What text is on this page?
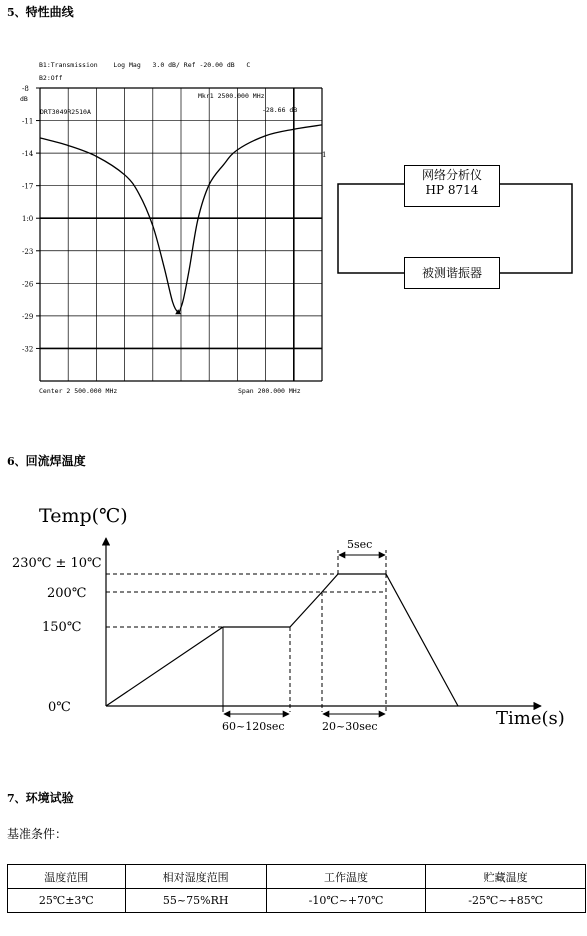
5、特性曲线
B1:Transmission    Log Mag   3.0 dB/ Ref -20.00 dB   C
B2:Off
dB
DRT3049R2510A
Mkr1 2500.000 MHz
-28.66 dB
-8
-11
-14
-17
1:0
-23
-26
-29
-32
1
Center 2 500.000 MHz	Span 200.000 MHz
网络分析仪
HP 8714
被测谐振器
6、回流焊温度
Temp(℃)
Time(s)
230℃ ± 10℃
200℃
150℃
0℃
5sec
60~120sec	20~30sec
7、环境试验
基准条件：
温度范围	相对湿度范围	工作温度	贮藏温度
25℃±3℃	55~75%RH	-10℃~+70℃	-25℃~+85℃
